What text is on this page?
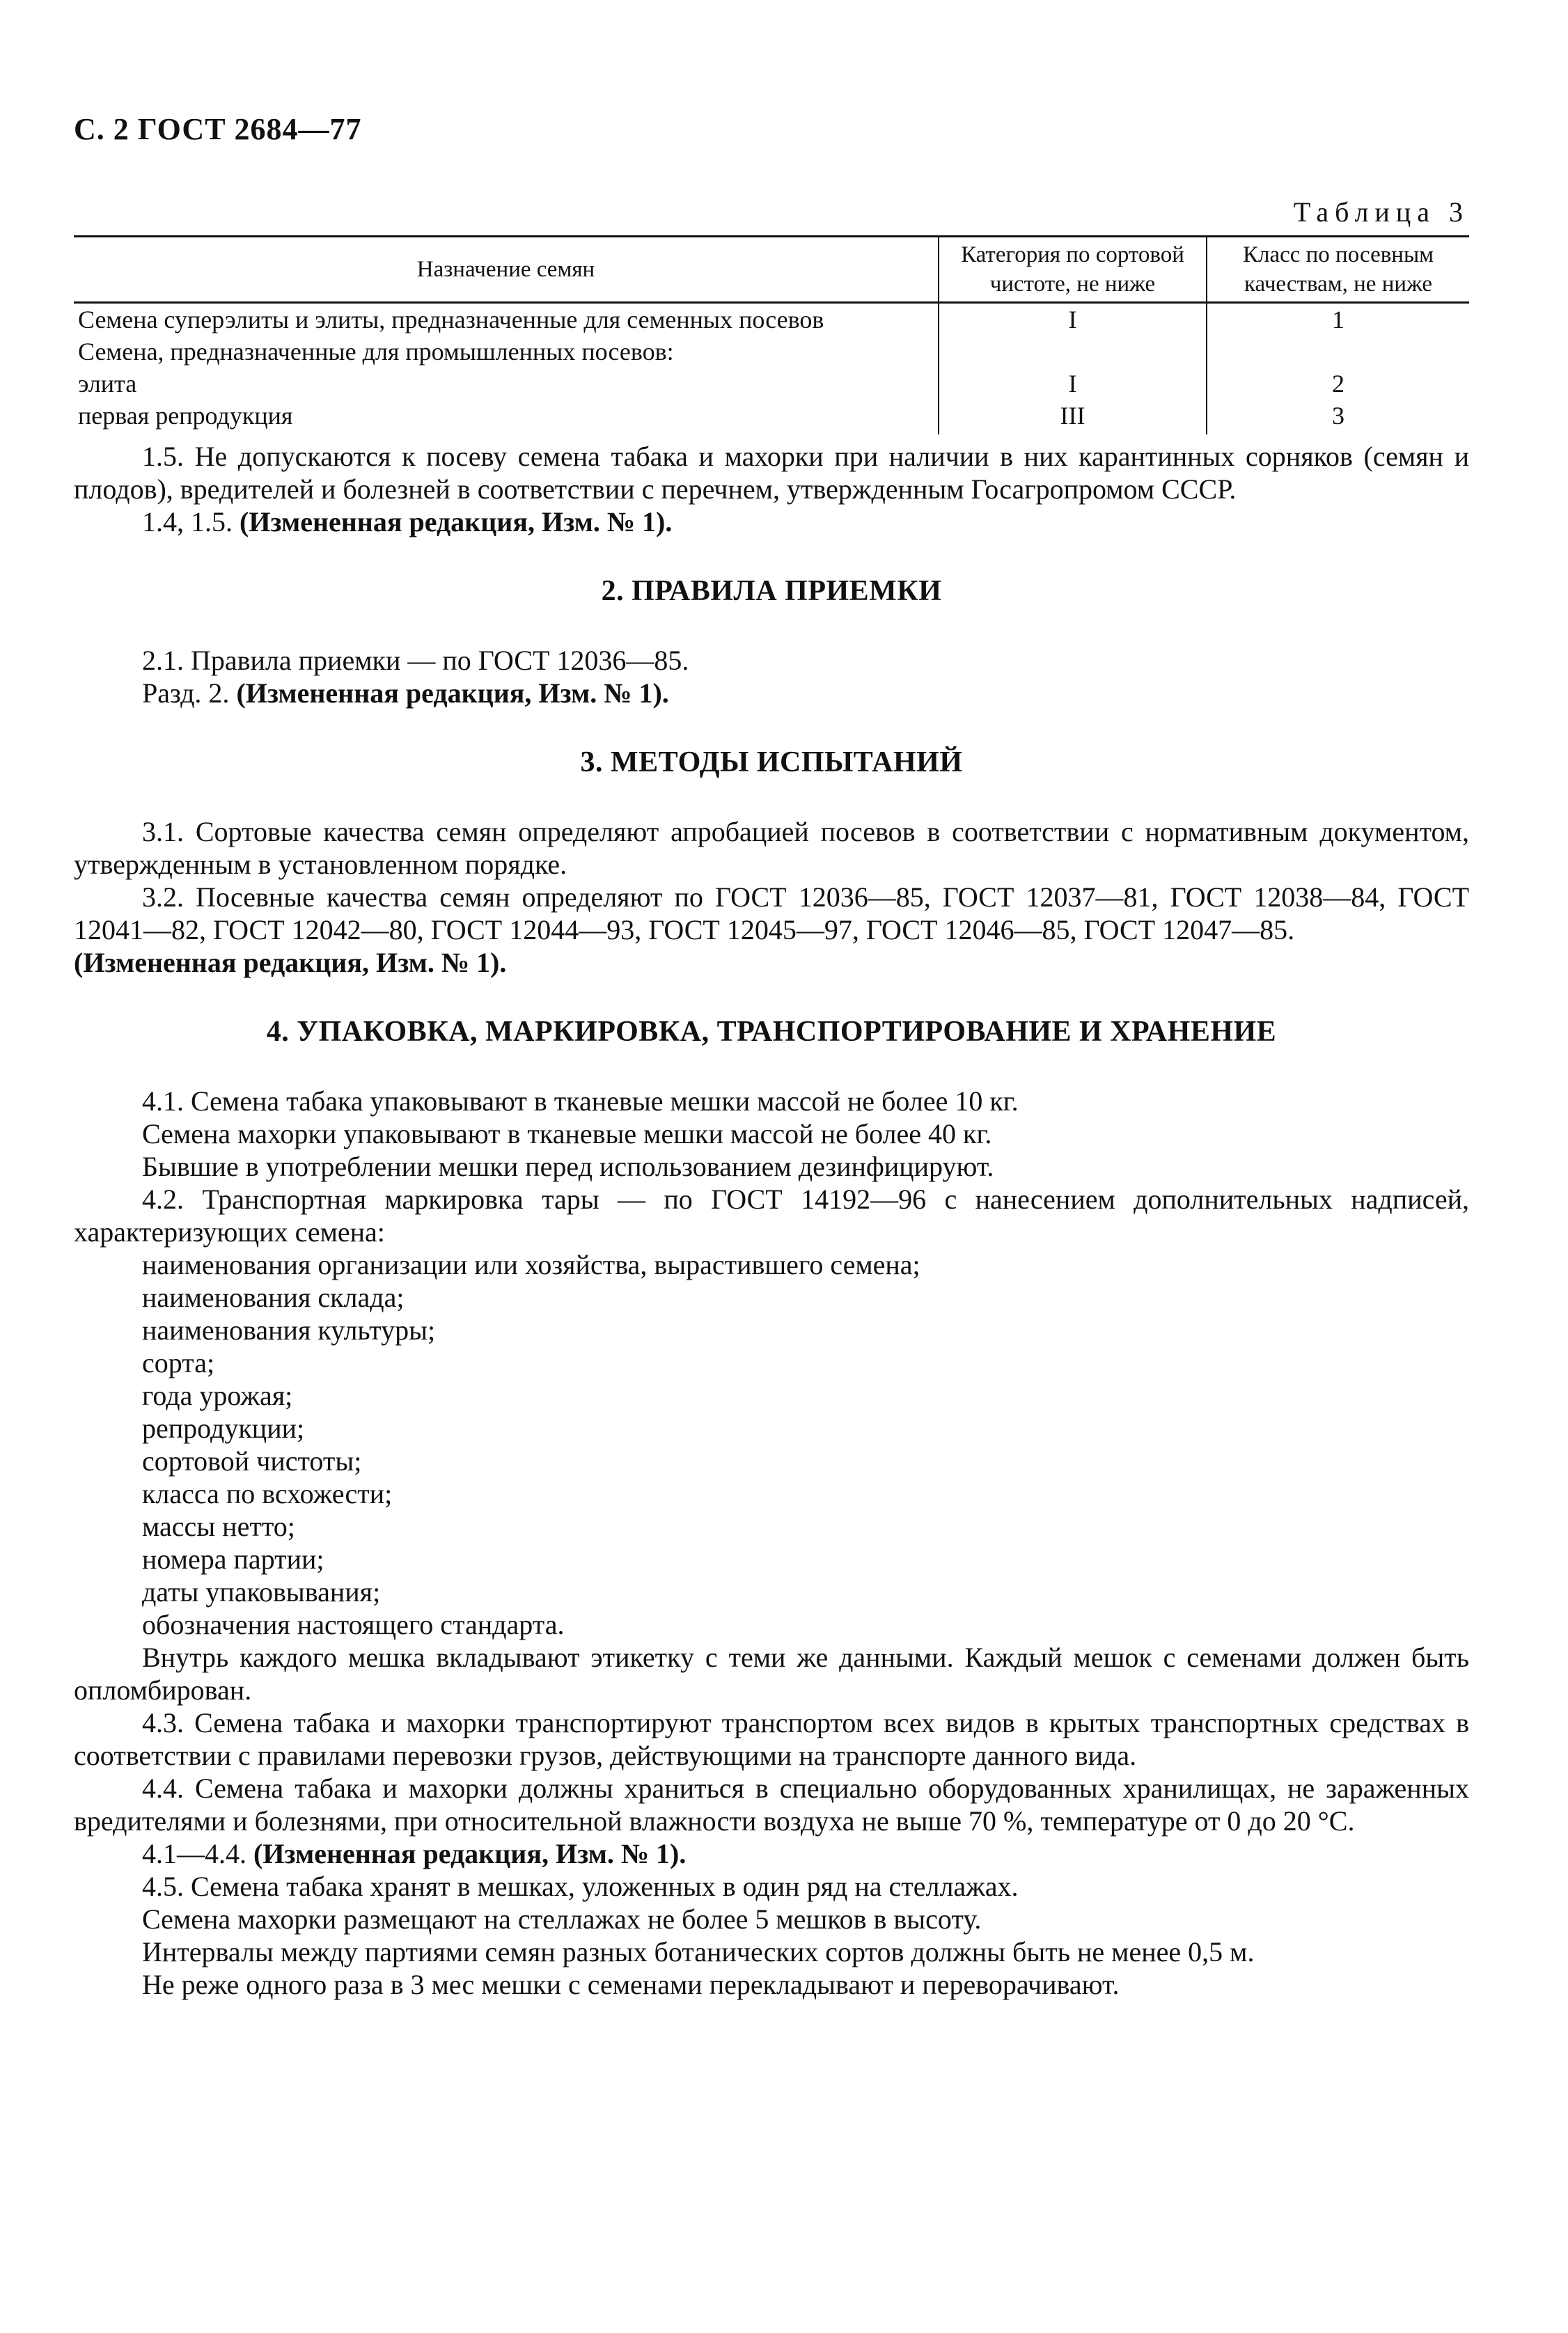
С. 2 ГОСТ 2684—77
Таблица 3
Назначение семян	Категория по сортовой чистоте, не ниже	Класс по посевным качествам, не ниже
Семена суперэлиты и элиты, предназначенные для семенных посевов	I	1
Семена, предназначенные для промышленных посевов:		
элита	I	2
первая репродукция	III	3

1.5. Не допускаются к посеву семена табака и махорки при наличии в них карантинных сорняков (семян и плодов), вредителей и болезней в соответствии с перечнем, утвержденным Госагропромом СССР.

1.4, 1.5. (Измененная редакция, Изм. № 1).

2. ПРАВИЛА ПРИЕМКИ

2.1. Правила приемки — по ГОСТ 12036—85.

Разд. 2. (Измененная редакция, Изм. № 1).

3. МЕТОДЫ ИСПЫТАНИЙ

3.1. Сортовые качества семян определяют апробацией посевов в соответствии с нормативным документом, утвержденным в установленном порядке.

3.2. Посевные качества семян определяют по ГОСТ 12036—85, ГОСТ 12037—81, ГОСТ 12038—84, ГОСТ 12041—82, ГОСТ 12042—80, ГОСТ 12044—93, ГОСТ 12045—97, ГОСТ 12046—85, ГОСТ 12047—85.

(Измененная редакция, Изм. № 1).

4. УПАКОВКА, МАРКИРОВКА, ТРАНСПОРТИРОВАНИЕ И ХРАНЕНИЕ

4.1. Семена табака упаковывают в тканевые мешки массой не более 10 кг.

Семена махорки упаковывают в тканевые мешки массой не более 40 кг.

Бывшие в употреблении мешки перед использованием дезинфицируют.

4.2. Транспортная маркировка тары — по ГОСТ 14192—96 с нанесением дополнительных надписей, характеризующих семена:

наименования организации или хозяйства, вырастившего семена;

наименования склада;

наименования культуры;

сорта;

года урожая;

репродукции;

сортовой чистоты;

класса по всхожести;

массы нетто;

номера партии;

даты упаковывания;

обозначения настоящего стандарта.

Внутрь каждого мешка вкладывают этикетку с теми же данными. Каждый мешок с семенами должен быть опломбирован.

4.3. Семена табака и махорки транспортируют транспортом всех видов в крытых транспортных средствах в соответствии с правилами перевозки грузов, действующими на транспорте данного вида.

4.4. Семена табака и махорки должны храниться в специально оборудованных хранилищах, не зараженных вредителями и болезнями, при относительной влажности воздуха не выше 70 %, температуре от 0 до 20 °С.

4.1—4.4. (Измененная редакция, Изм. № 1).

4.5. Семена табака хранят в мешках, уложенных в один ряд на стеллажах.

Семена махорки размещают на стеллажах не более 5 мешков в высоту.

Интервалы между партиями семян разных ботанических сортов должны быть не менее 0,5 м.

Не реже одного раза в 3 мес мешки с семенами перекладывают и переворачивают.
